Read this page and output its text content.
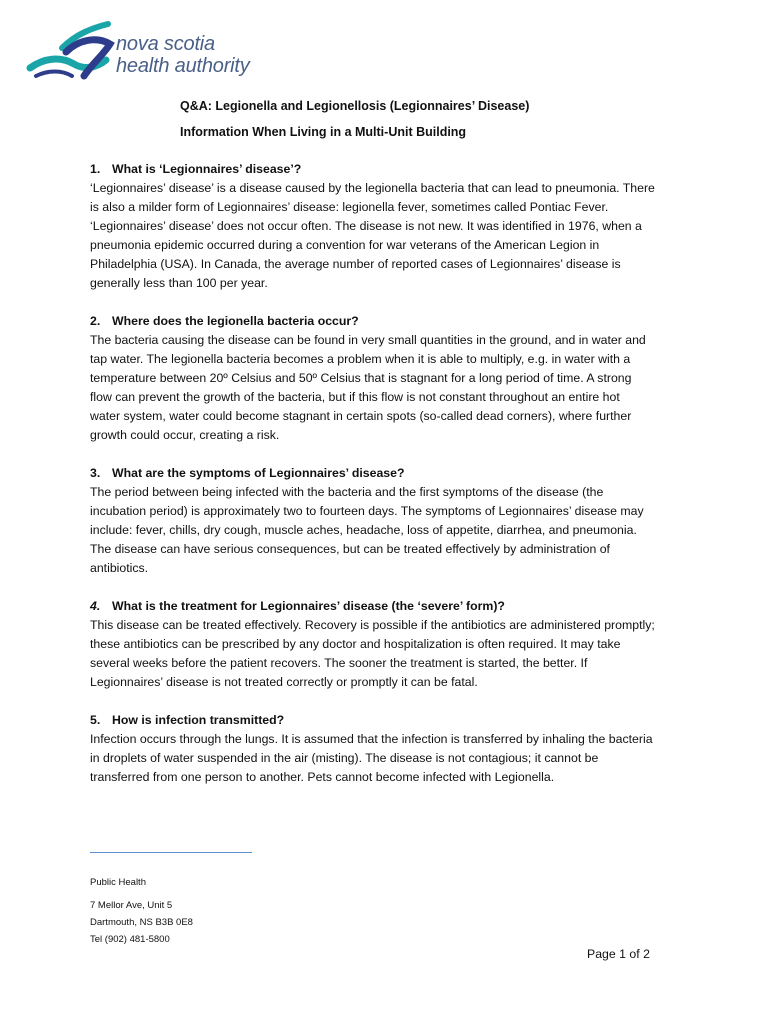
nova scotia
health authority
Q&A: Legionella and Legionellosis (Legionnaires’ Disease)
Information When Living in a Multi-Unit Building
1. What is ‘Legionnaires’ disease’?
‘Legionnaires’ disease’ is a disease caused by the legionella bacteria that can lead to pneumonia. There
is also a milder form of Legionnaires’ disease: legionella fever, sometimes called Pontiac Fever.
‘Legionnaires’ disease’ does not occur often. The disease is not new. It was identified in 1976, when a
pneumonia epidemic occurred during a convention for war veterans of the American Legion in
Philadelphia (USA). In Canada, the average number of reported cases of Legionnaires’ disease is
generally less than 100 per year.
2. Where does the legionella bacteria occur?
The bacteria causing the disease can be found in very small quantities in the ground, and in water and
tap water. The legionella bacteria becomes a problem when it is able to multiply, e.g. in water with a
temperature between 20º Celsius and 50º Celsius that is stagnant for a long period of time. A strong
flow can prevent the growth of the bacteria, but if this flow is not constant throughout an entire hot
water system, water could become stagnant in certain spots (so-called dead corners), where further
growth could occur, creating a risk.
3. What are the symptoms of Legionnaires’ disease?
The period between being infected with the bacteria and the first symptoms of the disease (the
incubation period) is approximately two to fourteen days. The symptoms of Legionnaires’ disease may
include: fever, chills, dry cough, muscle aches, headache, loss of appetite, diarrhea, and pneumonia.
The disease can have serious consequences, but can be treated effectively by administration of
antibiotics.
4. What is the treatment for Legionnaires’ disease (the ‘severe’ form)?
This disease can be treated effectively. Recovery is possible if the antibiotics are administered promptly;
these antibiotics can be prescribed by any doctor and hospitalization is often required. It may take
several weeks before the patient recovers. The sooner the treatment is started, the better. If
Legionnaires’ disease is not treated correctly or promptly it can be fatal.
5. How is infection transmitted?
Infection occurs through the lungs. It is assumed that the infection is transferred by inhaling the bacteria
in droplets of water suspended in the air (misting). The disease is not contagious; it cannot be
transferred from one person to another. Pets cannot become infected with Legionella.
Public Health
7 Mellor Ave, Unit 5
Dartmouth, NS B3B 0E8
Tel (902) 481-5800
Page 1 of 2
